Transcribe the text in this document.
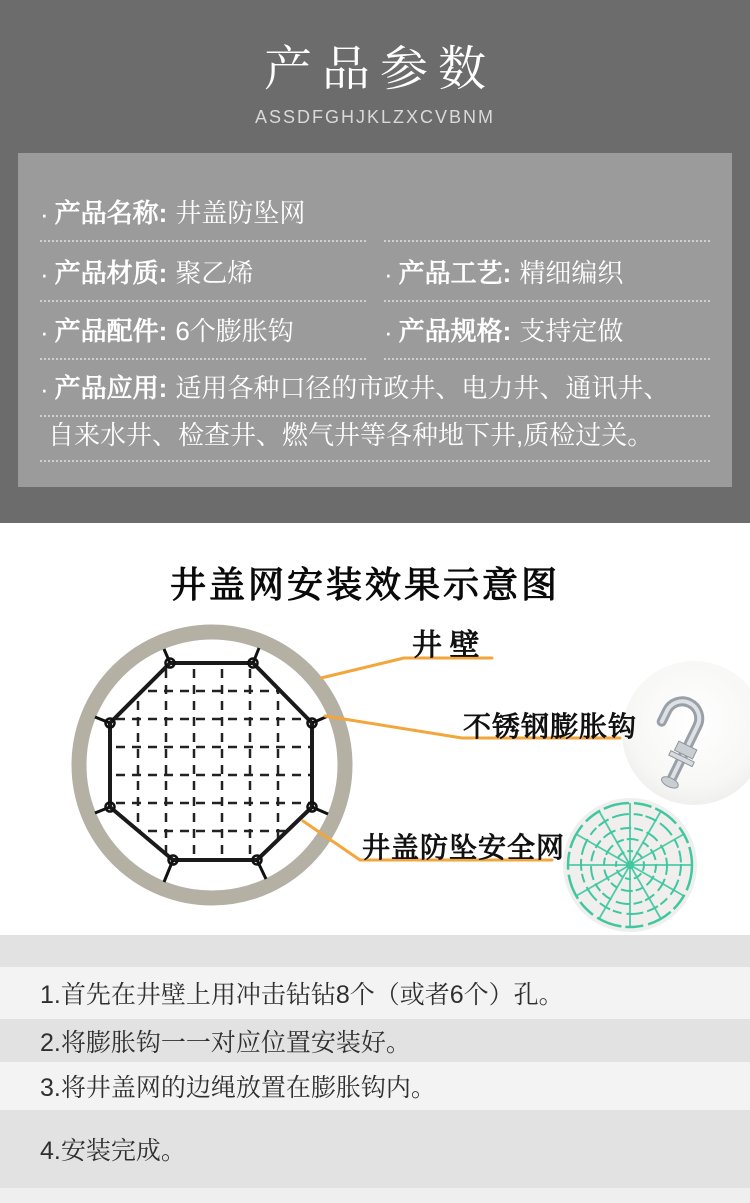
产品参数
ASSDFGHJKLZXCVBNM
· 产品名称: 井盖防坠网
· 产品材质: 聚乙烯	· 产品工艺: 精细编织
· 产品配件: 6个膨胀钩	· 产品规格: 支持定做
· 产品应用: 适用各种口径的市政井、电力井、通讯井、
自来水井、检查井、燃气井等各种地下井,质检过关。
井盖网安装效果示意图
井 壁
不锈钢膨胀钩
井盖防坠安全网
1.首先在井壁上用冲击钻钻8个（或者6个）孔。
2.将膨胀钩一一对应位置安装好。
3.将井盖网的边绳放置在膨胀钩内。
4.安装完成。
